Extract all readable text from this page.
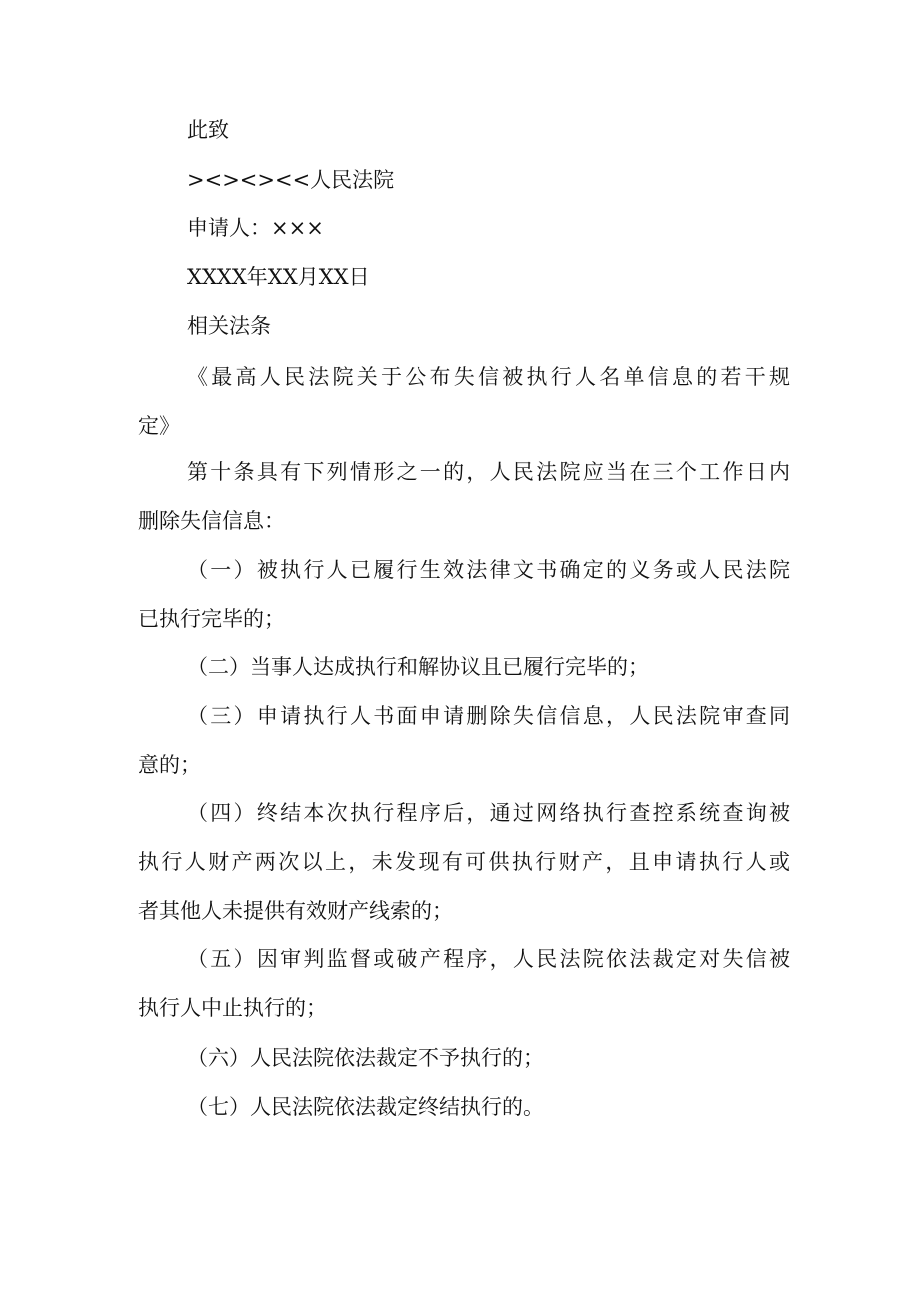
此致
><><><<人民法院
申请人：×××
XXXX年XX月XX日
相关法条
《最高人民法院关于公布失信被执行人名单信息的若干规
定》
第十条具有下列情形之一的，人民法院应当在三个工作日内
删除失信信息：
（一）被执行人已履行生效法律文书确定的义务或人民法院
已执行完毕的；
（二）当事人达成执行和解协议且已履行完毕的；
（三）申请执行人书面申请删除失信信息，人民法院审查同
意的；
（四）终结本次执行程序后，通过网络执行查控系统查询被
执行人财产两次以上，未发现有可供执行财产，且申请执行人或
者其他人未提供有效财产线索的；
（五）因审判监督或破产程序，人民法院依法裁定对失信被
执行人中止执行的；
（六）人民法院依法裁定不予执行的；
（七）人民法院依法裁定终结执行的。
